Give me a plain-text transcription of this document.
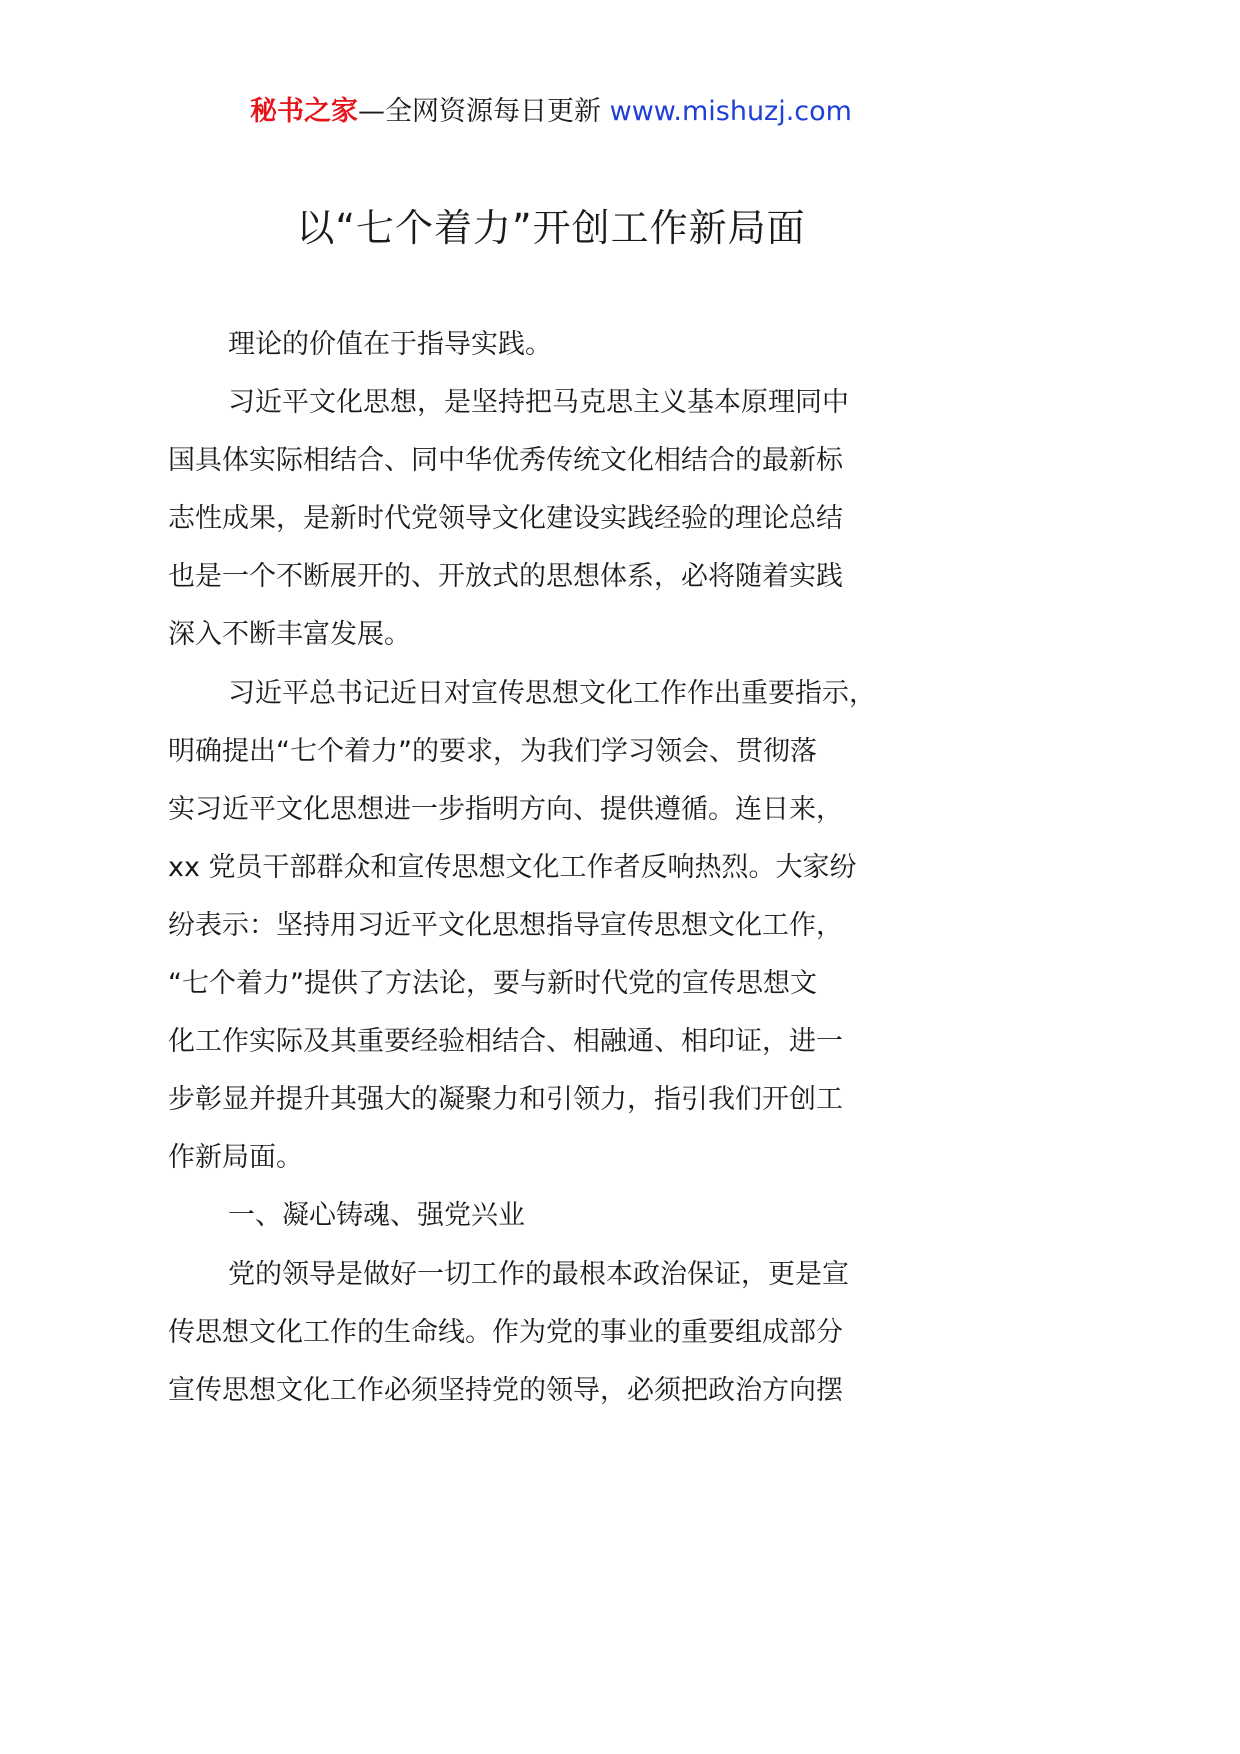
秘书之家—全网资源每日更新 www.mishuzj.com
以“七个着力”开创工作新局面
理论的价值在于指导实践。
习近平文化思想，是坚持把马克思主义基本原理同中
国具体实际相结合、同中华优秀传统文化相结合的最新标
志性成果，是新时代党领导文化建设实践经验的理论总结
也是一个不断展开的、开放式的思想体系，必将随着实践
深入不断丰富发展。
习近平总书记近日对宣传思想文化工作作出重要指示，
明确提出“七个着力”的要求，为我们学习领会、贯彻落
实习近平文化思想进一步指明方向、提供遵循。连日来，
xx 党员干部群众和宣传思想文化工作者反响热烈。大家纷
纷表示：坚持用习近平文化思想指导宣传思想文化工作，
“七个着力”提供了方法论，要与新时代党的宣传思想文
化工作实际及其重要经验相结合、相融通、相印证，进一
步彰显并提升其强大的凝聚力和引领力，指引我们开创工
作新局面。
一、凝心铸魂、强党兴业
党的领导是做好一切工作的最根本政治保证，更是宣
传思想文化工作的生命线。作为党的事业的重要组成部分
宣传思想文化工作必须坚持党的领导，必须把政治方向摆
